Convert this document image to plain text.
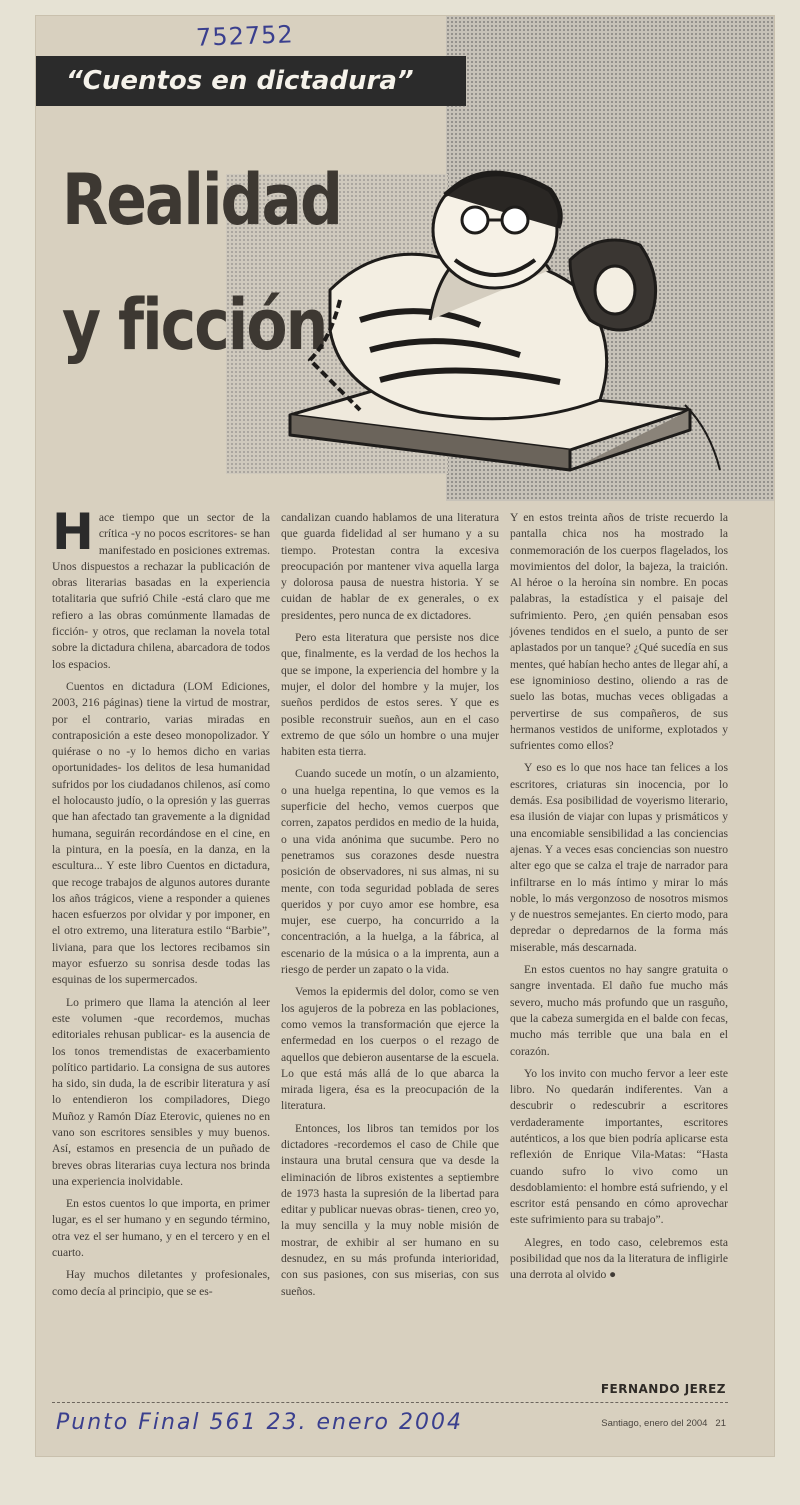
752752
“Cuentos en dictadura”
Realidad y ficción

Hace tiempo que un sector de la crítica -y no pocos escritores- se han manifestado en posiciones extremas. Unos dispuestos a rechazar la publicación de obras literarias basadas en la experiencia totalitaria que sufrió Chile -está claro que me refiero a las obras comúnmente llamadas de ficción- y otros, que reclaman la novela total sobre la dictadura chilena, abarcadora de todos los espacios.

Cuentos en dictadura (LOM Ediciones, 2003, 216 páginas) tiene la virtud de mostrar, por el contrario, varias miradas en contraposición a este deseo monopolizador. Y quiérase o no -y lo hemos dicho en varias oportunidades- los delitos de lesa humanidad sufridos por los ciudadanos chilenos, así como el holocausto judío, o la opresión y las guerras que han afectado tan gravemente a la dignidad humana, seguirán recordándose en el cine, en la pintura, en la poesía, en la danza, en la escultura... Y este libro Cuentos en dictadura, que recoge trabajos de algunos autores durante los años trágicos, viene a responder a quienes hacen esfuerzos por olvidar y por imponer, en el otro extremo, una literatura estilo “Barbie”, liviana, para que los lectores recibamos sin mayor esfuerzo su sonrisa desde todas las esquinas de los supermercados.

Lo primero que llama la atención al leer este volumen -que recordemos, muchas editoriales rehusan publicar- es la ausencia de los tonos tremendistas de exacerbamiento político partidario. La consigna de sus autores ha sido, sin duda, la de escribir literatura y así lo entendieron los compiladores, Diego Muñoz y Ramón Díaz Eterovic, quienes no en vano son escritores sensibles y muy buenos. Así, estamos en presencia de un puñado de breves obras literarias cuya lectura nos brinda una experiencia inolvidable.

En estos cuentos lo que importa, en primer lugar, es el ser humano y en segundo término, otra vez el ser humano, y en el tercero y en el cuarto.

Hay muchos diletantes y profesionales, como decía al principio, que se es-

candalizan cuando hablamos de una literatura que guarda fidelidad al ser humano y a su tiempo. Protestan contra la excesiva preocupación por mantener viva aquella larga y dolorosa pausa de nuestra historia. Y se cuidan de hablar de ex generales, o ex presidentes, pero nunca de ex dictadores.

Pero esta literatura que persiste nos dice que, finalmente, es la verdad de los hechos la que se impone, la experiencia del hombre y la mujer, el dolor del hombre y la mujer, los sueños perdidos de estos seres. Y que es posible reconstruir sueños, aun en el caso extremo de que sólo un hombre o una mujer habiten esta tierra.

Cuando sucede un motín, o un alzamiento, o una huelga repentina, lo que vemos es la superficie del hecho, vemos cuerpos que corren, zapatos perdidos en medio de la huida, o una vida anónima que sucumbe. Pero no penetramos sus corazones desde nuestra posición de observadores, ni sus almas, ni su mente, con toda seguridad poblada de seres queridos y por cuyo amor ese hombre, esa mujer, ese cuerpo, ha concurrido a la concentración, a la huelga, a la fábrica, al escenario de la música o a la imprenta, aun a riesgo de perder un zapato o la vida.

Vemos la epidermis del dolor, como se ven los agujeros de la pobreza en las poblaciones, como vemos la transformación que ejerce la enfermedad en los cuerpos o el rezago de aquellos que debieron ausentarse de la escuela. Lo que está más allá de lo que abarca la mirada ligera, ésa es la preocupación de la literatura.

Entonces, los libros tan temidos por los dictadores -recordemos el caso de Chile que instaura una brutal censura que va desde la eliminación de libros existentes a septiembre de 1973 hasta la supresión de la libertad para editar y publicar nuevas obras- tienen, creo yo, la muy sencilla y la muy noble misión de mostrar, de exhibir al ser humano en su desnudez, en su más profunda interioridad, con sus pasiones, con sus miserias, con sus sueños.

Y en estos treinta años de triste recuerdo la pantalla chica nos ha mostrado la conmemoración de los cuerpos flagelados, los movimientos del dolor, la bajeza, la traición. Al héroe o la heroína sin nombre. En pocas palabras, la estadística y el paisaje del sufrimiento. Pero, ¿en quién pensaban esos jóvenes tendidos en el suelo, a punto de ser aplastados por un tanque? ¿Qué sucedía en sus mentes, qué habían hecho antes de llegar ahí, a ese ignominioso destino, oliendo a ras de suelo las botas, muchas veces obligadas a pervertirse de sus compañeros, de sus hermanos vestidos de uniforme, explotados y sufrientes como ellos?

Y eso es lo que nos hace tan felices a los escritores, criaturas sin inocencia, por lo demás. Esa posibilidad de voyerismo literario, esa ilusión de viajar con lupas y prismáticos y una encomiable sensibilidad a las conciencias ajenas. Y a veces esas conciencias son nuestro alter ego que se calza el traje de narrador para infiltrarse en lo más íntimo y mirar lo más noble, lo más vergonzoso de nosotros mismos y de nuestros semejantes. En cierto modo, para depredar o depredarnos de la forma más miserable, más descarnada.

En estos cuentos no hay sangre gratuita o sangre inventada. El daño fue mucho más severo, mucho más profundo que un rasguño, que la cabeza sumergida en el balde con fecas, mucho más terrible que una bala en el corazón.

Yo los invito con mucho fervor a leer este libro. No quedarán indiferentes. Van a descubrir o redescubrir a escritores verdaderamente importantes, escritores auténticos, a los que bien podría aplicarse esta reflexión de Enrique Vila-Matas: “Hasta cuando sufro lo vivo como un desdoblamiento: el hombre está sufriendo, y el escritor está pensando en cómo aprovechar este sufrimiento para su trabajo”.

Alegres, en todo caso, celebremos esta posibilidad que nos da la literatura de infligirle una derrota al olvido ●

FERNANDO JEREZ
Punto Final 561 23. enero 2004	Santiago, enero del 2004 21
